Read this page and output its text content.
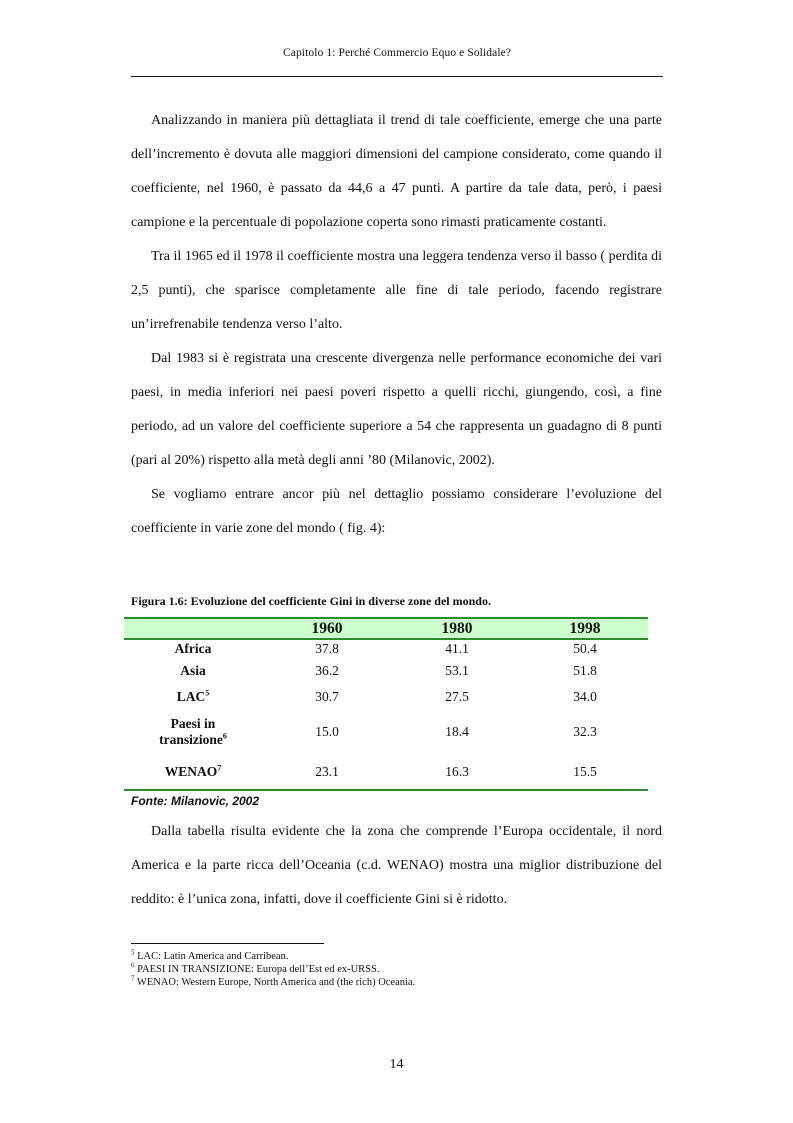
Capitolo 1: Perché Commercio Equo e Solidale?

Analizzando in maniera più dettagliata il trend di tale coefficiente, emerge che una parte dell’incremento è dovuta alle maggiori dimensioni del campione considerato, come quando il coefficiente, nel 1960, è passato da 44,6 a 47 punti. A partire da tale data, però, i paesi campione e la percentuale di popolazione coperta sono rimasti praticamente costanti.

Tra il 1965 ed il 1978 il coefficiente mostra una leggera tendenza verso il basso ( perdita di 2,5 punti), che sparisce completamente alle fine di tale periodo, facendo registrare un’irrefrenabile tendenza verso l’alto.

Dal 1983 si è registrata una crescente divergenza nelle performance economiche dei vari paesi, in media inferiori nei paesi poveri rispetto a quelli ricchi, giungendo, così, a fine periodo, ad un valore del coefficiente superiore a 54 che rappresenta un guadagno di 8 punti (pari al 20%) rispetto alla metà degli anni ’80 (Milanovic, 2002).

Se vogliamo entrare ancor più nel dettaglio possiamo considerare l’evoluzione del coefficiente in varie zone del mondo ( fig. 4):

Figura 1.6: Evoluzione del coefficiente Gini in diverse zone del mondo.
	1960	1980	1998
Africa	37.8	41.1	50.4
Asia	36.2	53.1	51.8
LAC$^5$	30.7	27.5	34.0
Paesi in
transizione$^6$	15.0	18.4	32.3
WENAO$^7$	23.1	16.3	15.5
Fonte: Milanovic, 2002

Dalla tabella risulta evidente che la zona che comprende l’Europa occidentale, il nord America e la parte ricca dell’Oceania (c.d. WENAO) mostra una miglior distribuzione del reddito: è l’unica zona, infatti, dove il coefficiente Gini si è ridotto.

$^5$ LAC: Latin America and Carribean.
$^6$ PAESI IN TRANSIZIONE: Europa dell’Est ed ex-URSS.
$^7$ WENAO: Western Europe, North America and (the rich) Oceania.
14
